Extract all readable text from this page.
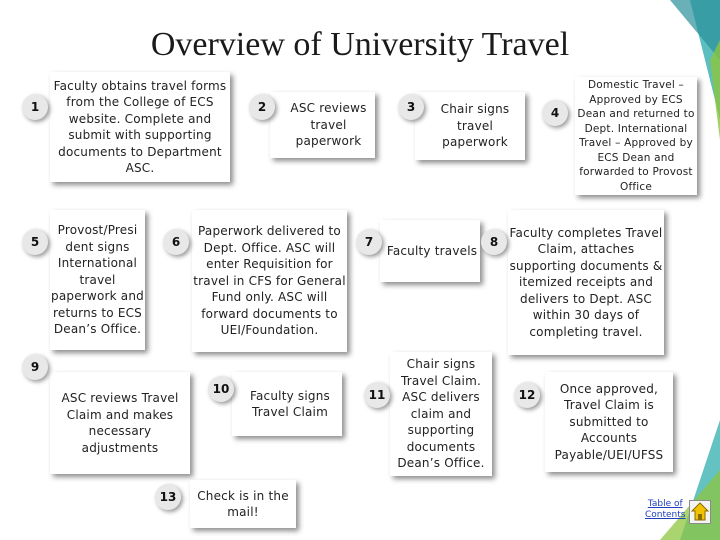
Overview of University Travel
Faculty obtains travel forms from the College of ECS website. Complete and submit with supporting documents to Department ASC.
1	ASC reviews travel paperwork
2	Chair signs travel paperwork
3
Domestic Travel – Approved by ECS Dean and returned to Dept. International Travel – Approved by ECS Dean and forwarded to Provost Office
4
Provost/Presi dent signs International travel paperwork and returns to ECS Dean’s Office.
5
Paperwork delivered to Dept. Office. ASC will enter Requisition for travel in CFS for General Fund only. ASC will forward documents to UEI/Foundation.
6
Faculty travels
7
Faculty completes Travel Claim, attaches supporting documents & itemized receipts and delivers to Dept. ASC within 30 days of completing travel.
8
ASC reviews Travel Claim and makes necessary adjustments
9
Faculty signs Travel Claim
10
Chair signs Travel Claim. ASC delivers claim and supporting documents Dean’s Office.
11	Once approved, Travel Claim is submitted to Accounts Payable/UEI/UFSS
12
Check is in the mail!
13	Table of
Contents
